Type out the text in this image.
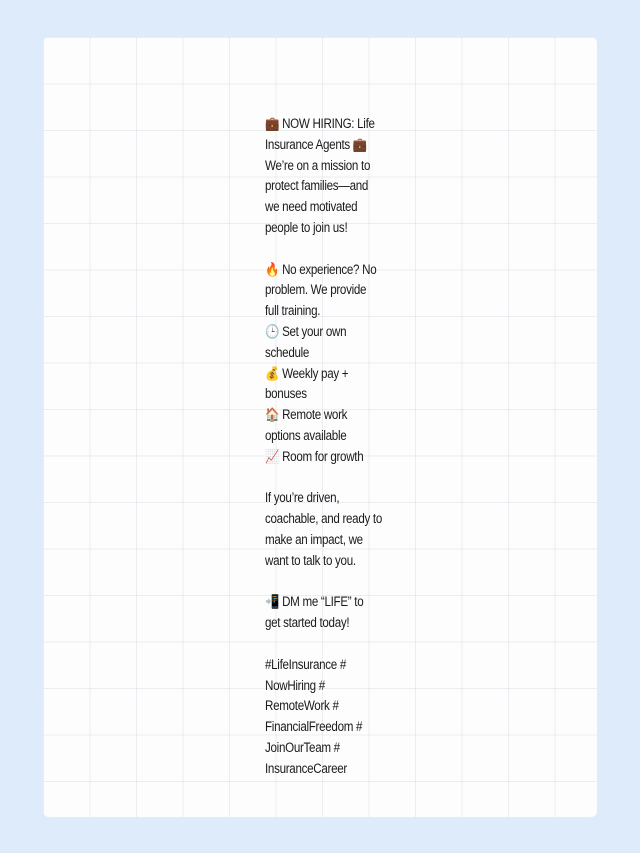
💼 NOW HIRING: Life
Insurance Agents 💼
We’re on a mission to
protect families—and
we need motivated
people to join us!
🔥 No experience? No
problem. We provide
full training.
🕒 Set your own
schedule
💰 Weekly pay +
bonuses
🏠 Remote work
options available
📈 Room for growth
If you’re driven,
coachable, and ready to
make an impact, we
want to talk to you.
📲 DM me “LIFE” to
get started today!
#LifeInsurance #
NowHiring #
RemoteWork #
FinancialFreedom #
JoinOurTeam #
InsuranceCareer
